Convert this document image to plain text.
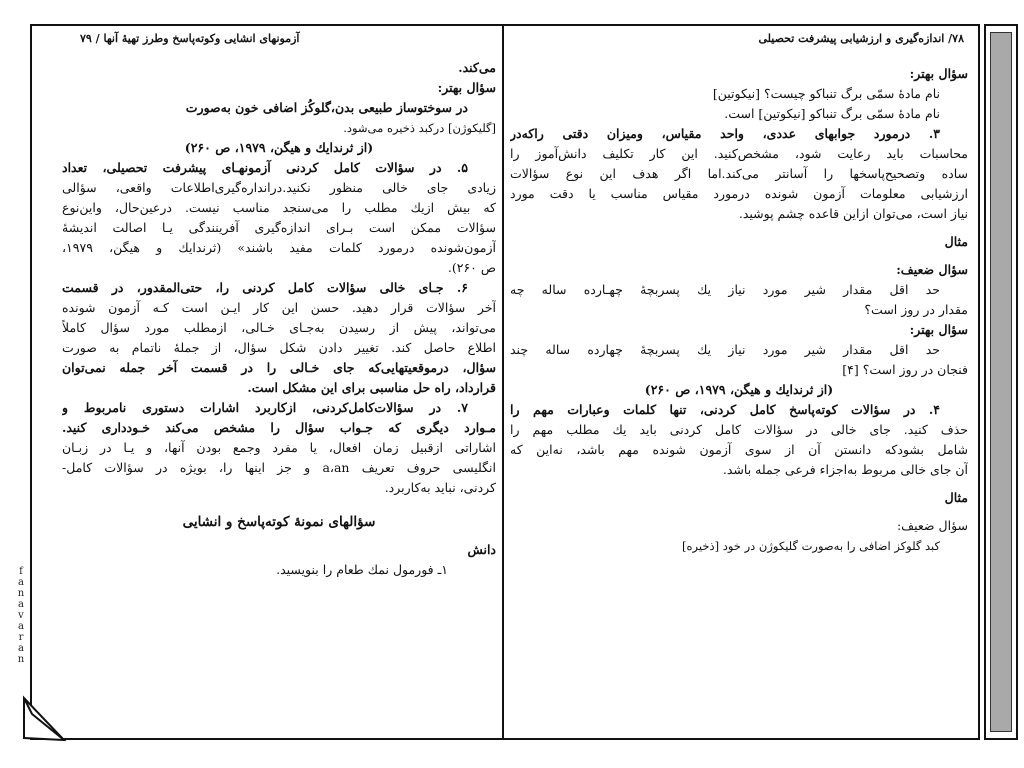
f
a
n
a
v
a
r
a
n
آزمونهای انشایی وکوته‌پاسخ وطرز تهیهٔ آنها / ۷۹
می‌کند.
سؤال بهتر:
در سوختوساز طبیعی بدن،گلوکُز اضافی خون به‌صورت
[گلیکوژن] درکبد ذخیره می‌شود.
(از ثرندایك و هیگن، ۱۹۷۹، ص ۲۶۰)
۵. در سؤالات کامل کردنی آزمونهـای پیشرفت تحصیلی، تعداد
زیادی جای خالی منظور نکنید.درانداره‌گیری‌اطلاعات واقعی، سؤالی
که بیش ازیك مطلب را می‌سنجد مناسب نیست. درعین‌حال، واین‌نوع
سؤالات ممکن است بـرای اندازه‌گیری آفرینندگی یـا اصالت اندیشهٔ
آزمون‌شونده درمورد کلمات مفید باشند» (ثرندایك و هیگن، ۱۹۷۹،
ص ۲۶۰).
۶. جـای خالی سؤالات کامل کردنی را، حتی‌المقدور، در قسمت
آخر سؤالات قرار دهید. حسن این کار ایـن است کـه آزمون شونده
می‌تواند، پیش از رسیدن به‌جـای خـالی، ازمطلب مورد سؤال کاملاً
اطلاع حاصل کند. تغییر دادن شکل سؤال، از جملهٔ ناتمام به صورت
سؤال، درموقعیتهایی‌که جای خـالی را در قسمت آخر جمله نمی‌توان
قرارداد، راه حل مناسبی برای این مشکل است.
۷. در سؤالات‌کامل‌کردنی، ازکاربرد اشارات دستوری نامربوط و
مـوارد دیگری که جـواب سؤال را مشخص می‌کند خـودداری کنید.
اشاراتی ازقبیل زمان افعال، یا مفرد وجمع بودن آنها، و یـا در زبـان
انگلیسی حروف تعریف a،an و جز اینها را، بویژه در سؤالات کامل-
کردنی، نباید به‌کاربرد.
سؤالهای نمونهٔ کوته‌پاسخ و انشایی
دانش
۱ـ فورمول نمك طعام را بنویسید.
۷۸/ اندازه‌گیری و ارزشیابی پیشرفت تحصیلی
سؤال بهتر:
نام مادهٔ سمّی برگ تنباکو چیست؟ [نیکوتین]
نام مادهٔ سمّی برگ تنباکو [نیکوتین] است.
۳. درمورد جوابهای عددی، واحد مقیاس، وميزان دقتی راکه‌در
محاسبات باید رعایت شود، مشخص‌کنید. این کار تکلیف دانش‌آموز را
ساده وتصحیح‌پاسخها را آسانتر می‌کند.اما اگر هدف این نوع سؤالات
ارزشیابی معلومات آزمون شونده درمورد مقیاس مناسب یا دقت مورد
نیاز است، می‌توان ازاین قاعده چشم پوشید.
مثال
سؤال ضعیف:
حد اقل مقدار شیر مورد نیاز یك پسربچهٔ چهـارده ساله چه
مقدار در روز است؟
سؤال بهتر:
حد اقل مقدار شیر مورد نیاز یك پسربچهٔ چهارده ساله چند
فنجان در روز است؟ [۴]
(از ثرندایك و هیگن، ۱۹۷۹، ص ۲۶۰)
۴. در سؤالات کوته‌پاسخ کامل کردنی، تنها کلمات وعبارات مهم را
حذف کنید. جای خالی در سؤالات کامل کردنی باید یك مطلب مهم را
شامل بشودکه دانستن آن از سوی آزمون شونده مهم باشد، نه‌این که
آن جای خالی مربوط به‌اجزاء فرعی جمله باشد.
مثال
سؤال ضعیف:
کبد گلوکز اضافی را به‌صورت گلیکوژن در خود [ذخیره]
